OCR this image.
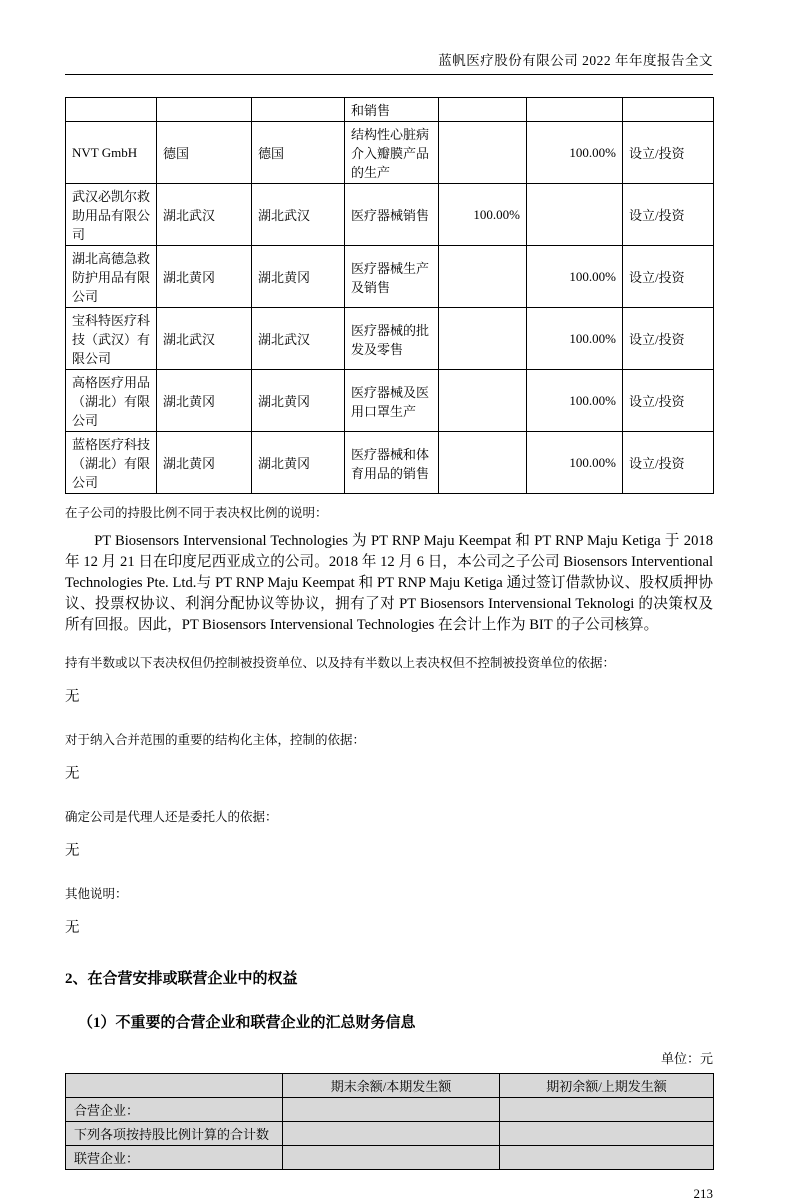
蓝帆医疗股份有限公司 2022 年年度报告全文
			和销售			
NVT GmbH	德国	德国	结构性心脏病介入瓣膜产品的生产		100.00%	设立/投资
武汉必凯尔救助用品有限公司	湖北武汉	湖北武汉	医疗器械销售	100.00%		设立/投资
湖北高德急救防护用品有限公司	湖北黄冈	湖北黄冈	医疗器械生产及销售		100.00%	设立/投资
宝科特医疗科技（武汉）有限公司	湖北武汉	湖北武汉	医疗器械的批发及零售		100.00%	设立/投资
高格医疗用品（湖北）有限公司	湖北黄冈	湖北黄冈	医疗器械及医用口罩生产		100.00%	设立/投资
蓝格医疗科技（湖北）有限公司	湖北黄冈	湖北黄冈	医疗器械和体育用品的销售		100.00%	设立/投资
在子公司的持股比例不同于表决权比例的说明：
PT Biosensors Intervensional Technologies 为 PT RNP Maju Keempat 和 PT RNP Maju Ketiga 于 2018 年 12 月 21 日在印度尼西亚成立的公司。2018 年 12 月 6 日，本公司之子公司 Biosensors Interventional Technologies Pte. Ltd.与 PT RNP Maju Keempat 和 PT RNP Maju Ketiga 通过签订借款协议、股权质押协议、投票权协议、利润分配协议等协议，拥有了对 PT Biosensors Intervensional Teknologi 的决策权及所有回报。因此，PT Biosensors Intervensional Technologies 在会计上作为 BIT 的子公司核算。
持有半数或以下表决权但仍控制被投资单位、以及持有半数以上表决权但不控制被投资单位的依据：
无
对于纳入合并范围的重要的结构化主体，控制的依据：
无
确定公司是代理人还是委托人的依据：
无
其他说明：
无
2、在合营安排或联营企业中的权益
（1）不重要的合营企业和联营企业的汇总财务信息
单位：元
	期末余额/本期发生额	期初余额/上期发生额
合营企业：		
下列各项按持股比例计算的合计数		
联营企业：		
213
